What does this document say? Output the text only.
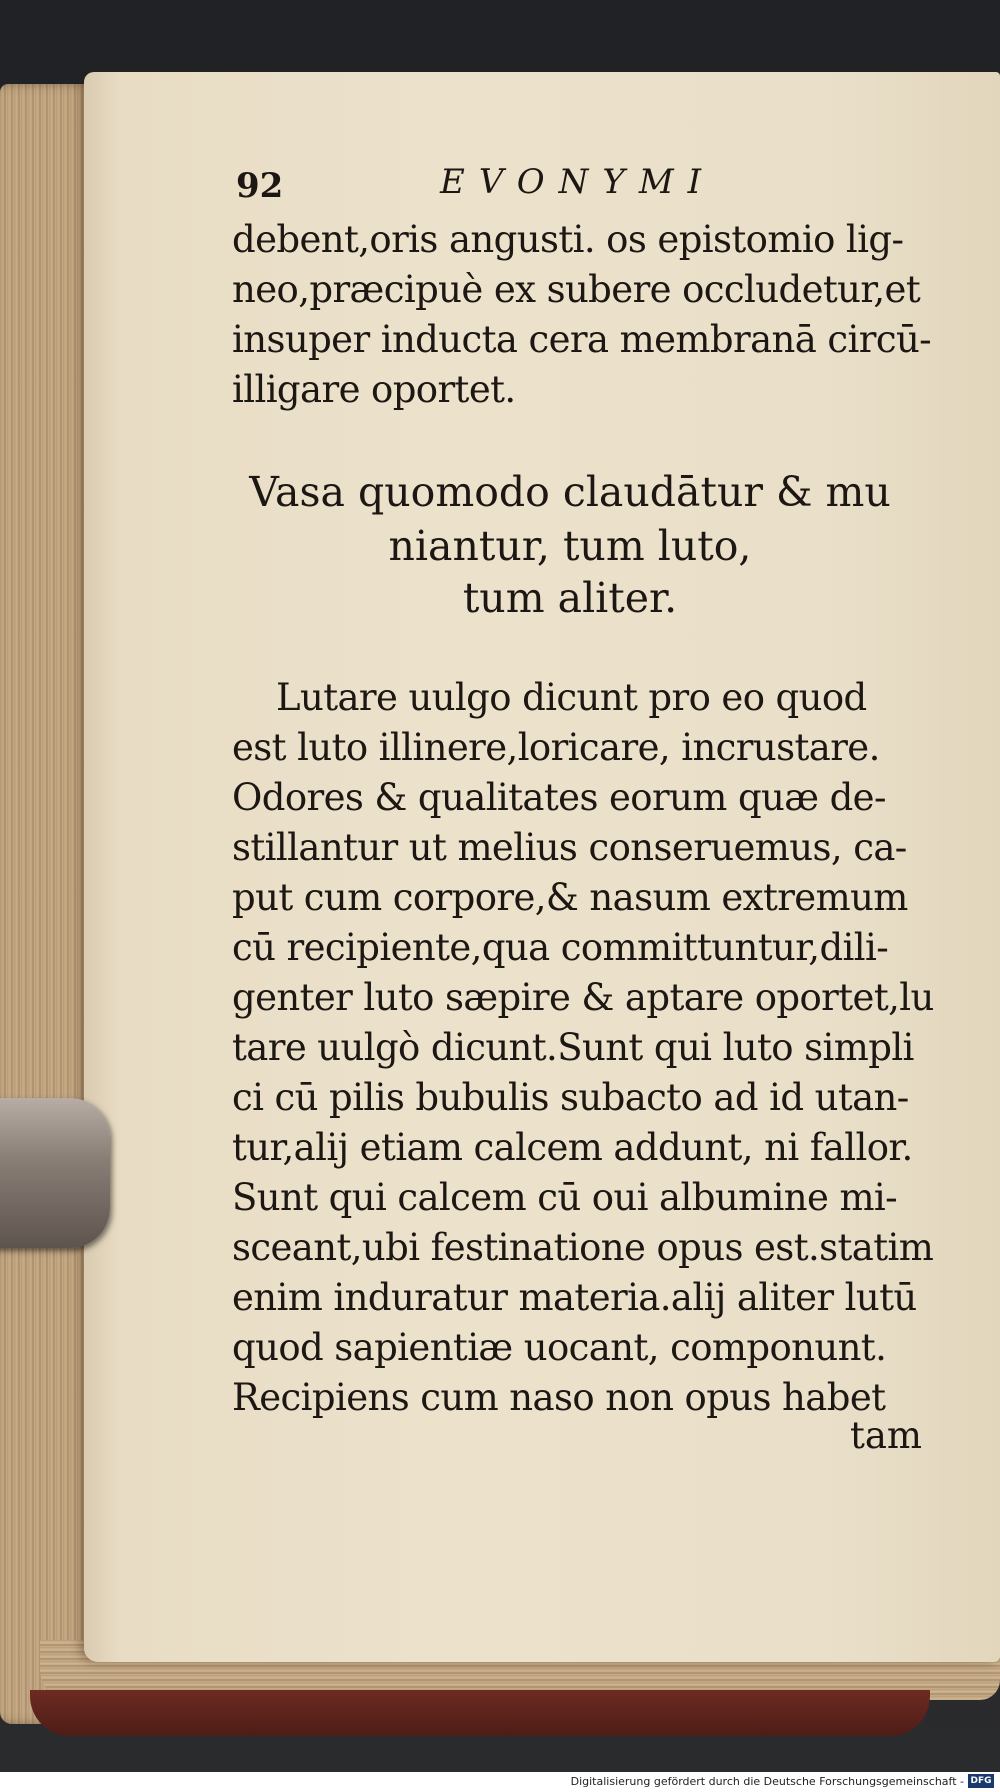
92	EVONYMI
debent,oris angusti. os epistomio lig-
neo,præcipuè ex subere occludetur,et
insuper inducta cera membranā circū-
illigare oportet.
Vasa quomodo claudātur & mu
niantur, tum luto,
tum aliter.
Lutare uulgo dicunt pro eo quod
est luto illinere,loricare, incrustare.
Odores & qualitates eorum quæ de-
stillantur ut melius conseruemus, ca-
put cum corpore,& nasum extremum
cū recipiente,qua committuntur,dili-
genter luto sæpire & aptare oportet,lu
tare uulgò dicunt.Sunt qui luto simpli
ci cū pilis bubulis subacto ad id utan-
tur,alij etiam calcem addunt, ni fallor.
Sunt qui calcem cū oui albumine mi-
sceant,ubi festinatione opus est.statim
enim induratur materia.alij aliter lutū
quod sapientiæ uocant, componunt.
Recipiens cum naso non opus habet
tam
Digitalisierung gefördert durch die Deutsche Forschungsgemeinschaft - DFG
